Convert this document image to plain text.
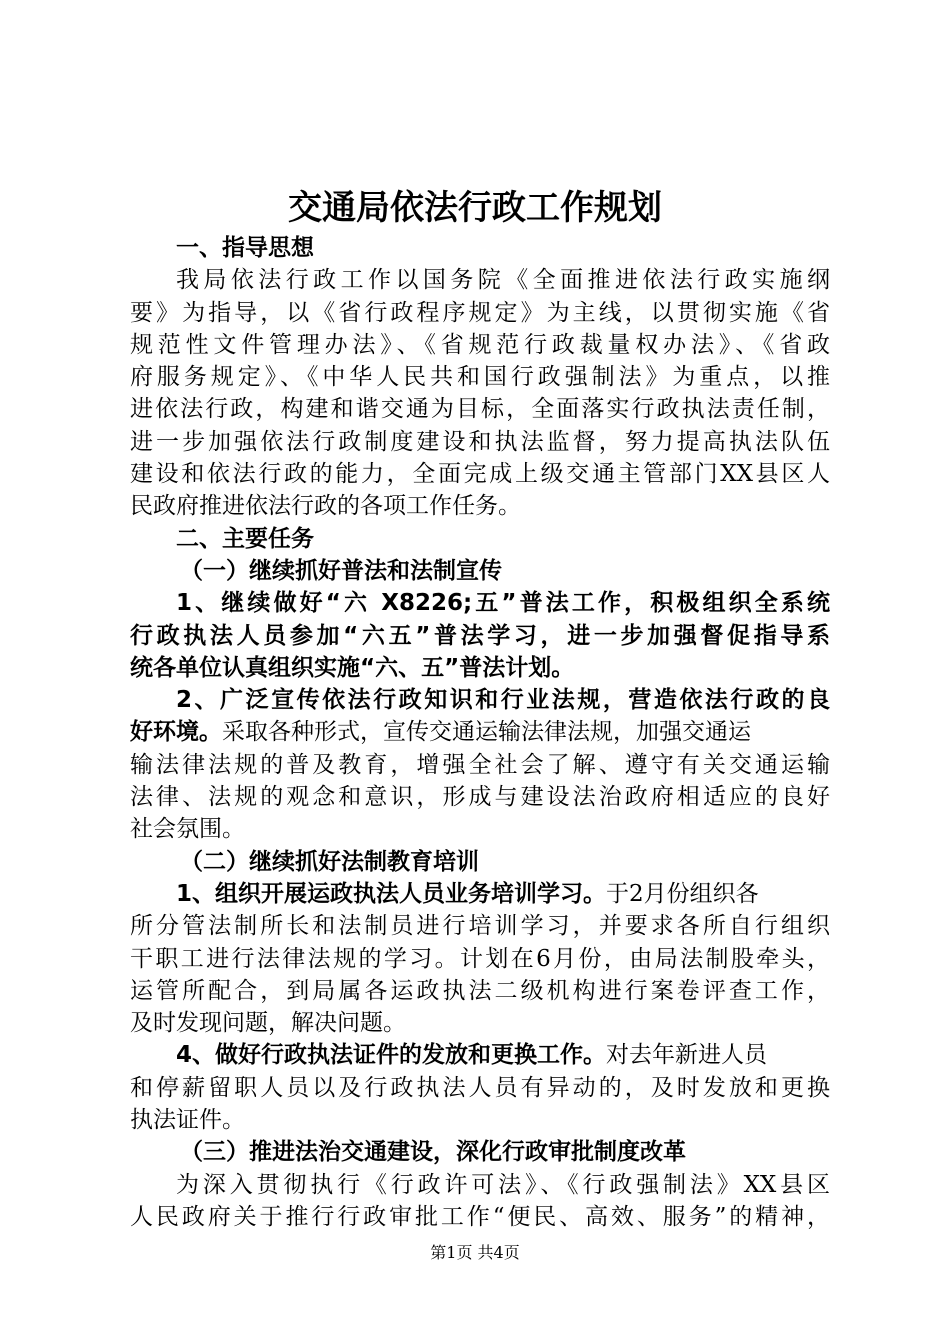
交通局依法行政工作规划
一、指导思想
我局依法行政工作以国务院《全面推进依法行政实施纲
要》为指导，以《省行政程序规定》为主线，以贯彻实施《省
规范性文件管理办法》、《省规范行政裁量权办法》、《省政
府服务规定》、《中华人民共和国行政强制法》为重点，以推
进依法行政，构建和谐交通为目标，全面落实行政执法责任制，
进一步加强依法行政制度建设和执法监督，努力提高执法队伍
建设和依法行政的能力，全面完成上级交通主管部门XX县区人
民政府推进依法行政的各项工作任务。
二、主要任务
（一）继续抓好普法和法制宣传
1、继续做好“六 X8226;五”普法工作，积极组织全系统
行政执法人员参加“六五”普法学习，进一步加强督促指导系
统各单位认真组织实施“六、五”普法计划。
2、广泛宣传依法行政知识和行业法规，营造依法行政的良
好环境。采取各种形式，宣传交通运输法律法规，加强交通运
输法律法规的普及教育，增强全社会了解、遵守有关交通运输
法律、法规的观念和意识，形成与建设法治政府相适应的良好
社会氛围。
（二）继续抓好法制教育培训
1、组织开展运政执法人员业务培训学习。于2月份组织各
所分管法制所长和法制员进行培训学习，并要求各所自行组织
干职工进行法律法规的学习。计划在6月份，由局法制股牵头，
运管所配合，到局属各运政执法二级机构进行案卷评查工作，
及时发现问题，解决问题。
4、做好行政执法证件的发放和更换工作。对去年新进人员
和停薪留职人员以及行政执法人员有异动的，及时发放和更换
执法证件。
（三）推进法治交通建设，深化行政审批制度改革
为深入贯彻执行《行政许可法》、《行政强制法》XX县区
人民政府关于推行行政审批工作“便民、高效、服务”的精神，
第1页 共4页
